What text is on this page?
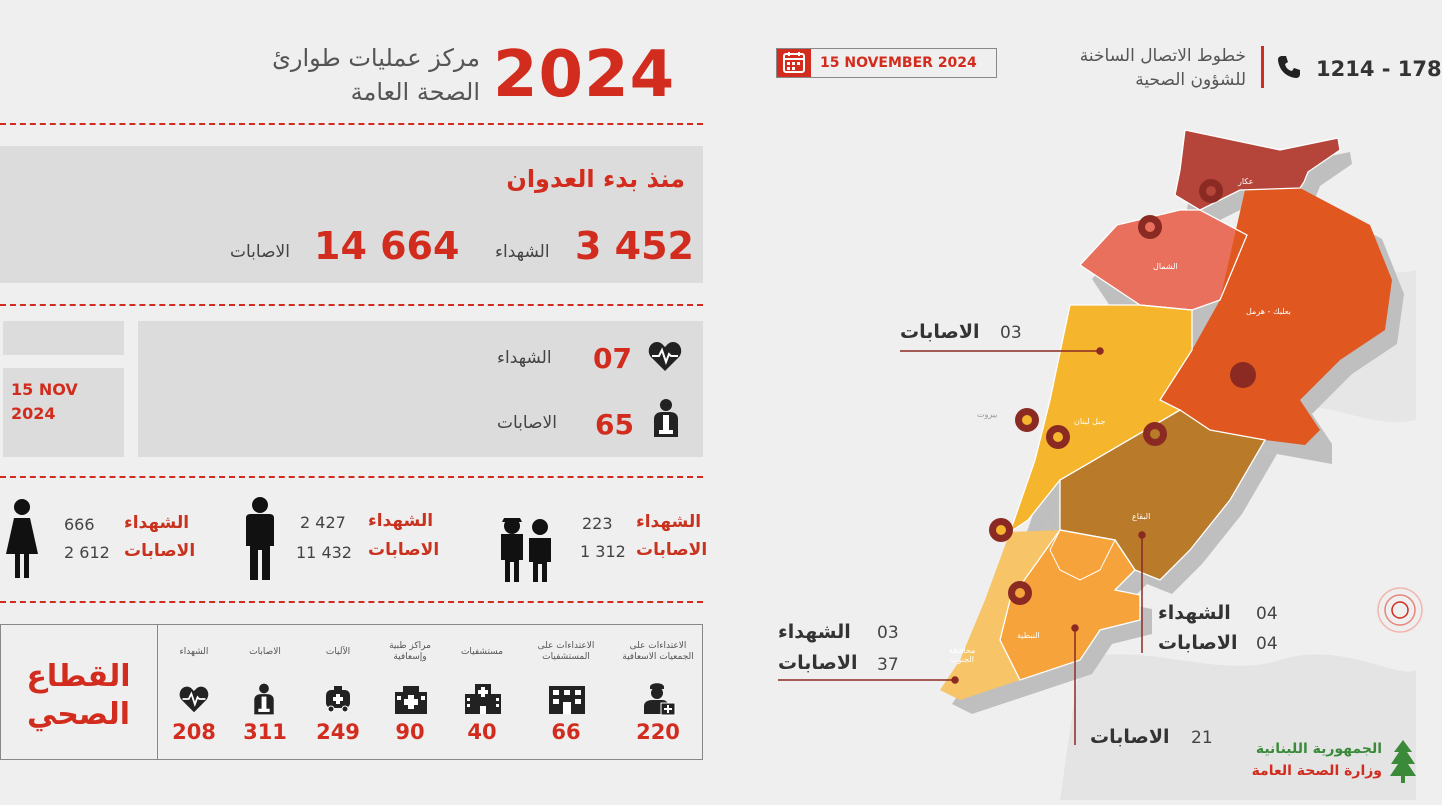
2024
مركز عمليات طوارئ
الصحة العامة
منذ بدء العدوان
3 452
الشهداء
14 664
الاصابات
15 NOV
2024
07
الشهداء
65
الاصابات
الشهداء
666
الاصابات
2 612
الشهداء
2 427
الاصابات
11 432
الشهداء
223
الاصابات
1 312
القطاع
الصحي
الشهداء
208
الاصابات
311
الآليات
249
مراكز طبية وإسعافية
90
مستشفيات
40
الاعتداءات على المستشفيات
66
الاعتداءات على الجمعيات الاسعافية
220
15 NOVEMBER 2024	خطوط الاتصال الساخنة
للشؤون الصحية	1214 - 178
عكار
الشمال
بعلبك - هرمل
جبل لبنان
بيروت
البقاع
النبطية
محافظة الجنوب
الاصابات 03
الشهداء 04
الاصابات 04
الشهداء 03
الاصابات 37
الاصابات 21
الجمهورية اللبنانية
وزارة الصحة العامة
